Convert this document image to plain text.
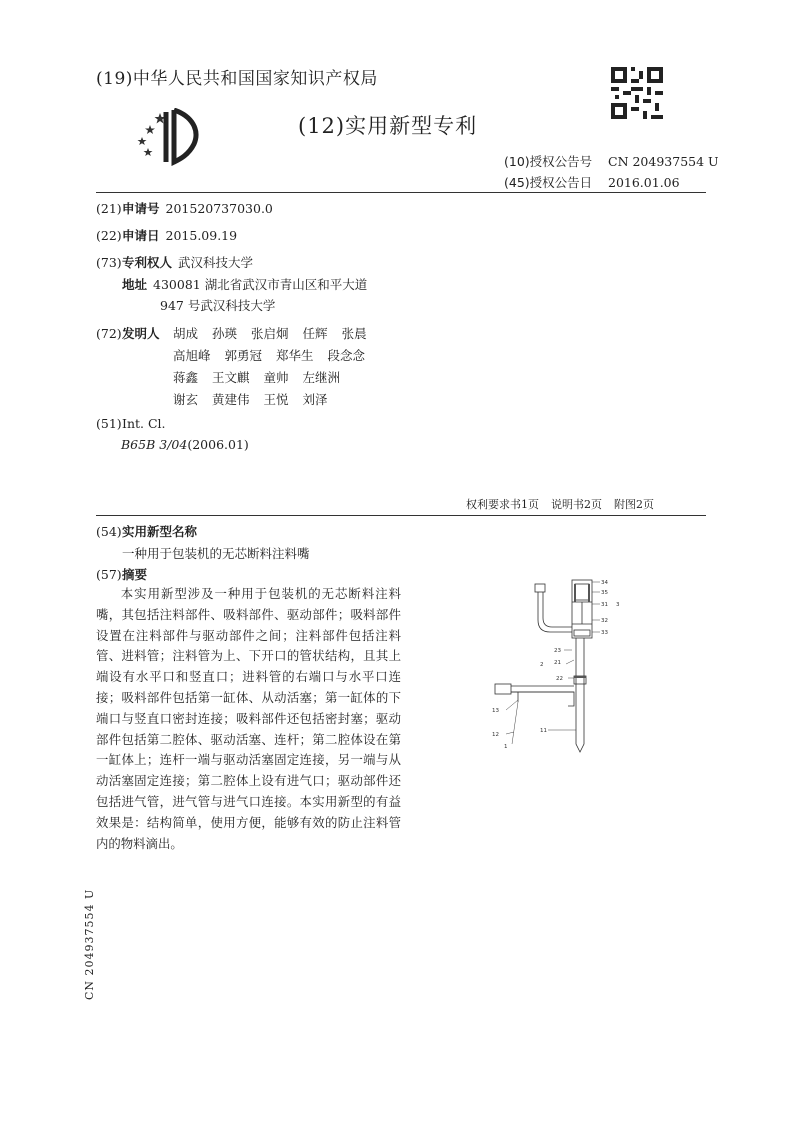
(19)中华人民共和国国家知识产权局
(12)实用新型专利
(10)授权公告号 CN 204937554 U
(45)授权公告日 2016.01.06
(21)申请号 201520737030.0
(22)申请日 2015.09.19
(73)专利权人 武汉科技大学
地址 430081 湖北省武汉市青山区和平大道
947 号武汉科技大学
(72)发明人	胡成 孙瑛 张启炯 任辉 张晨
高旭峰 郭勇冠 郑华生 段念念
蒋鑫 王文麒 童帅 左继洲
谢玄 黄建伟 王悦 刘泽
(51)Int. Cl.
B65B 3/04(2006.01)
权利要求书1页 说明书2页 附图2页
(54)实用新型名称
一种用于包装机的无芯断料注料嘴
(57)摘要
本实用新型涉及一种用于包装机的无芯断料注料嘴，其包括注料部件、吸料部件、驱动部件；吸料部件设置在注料部件与驱动部件之间；注料部件包括注料管、进料管；注料管为上、下开口的管状结构，且其上端设有水平口和竖直口；进料管的右端口与水平口连接；吸料部件包括第一缸体、从动活塞；第一缸体的下端口与竖直口密封连接；吸料部件还包括密封塞；驱动部件包括第二腔体、驱动活塞、连杆；第二腔体设在第一缸体上；连杆一端与驱动活塞固定连接，另一端与从动活塞固定连接；第二腔体上设有进气口；驱动部件还包括进气管，进气管与进气口连接。本实用新型的有益效果是：结构简单，使用方便，能够有效的防止注料管内的物料滴出。
34
35
31 3
32
33
23
2 21
22
13
12
11
1
CN 204937554 U
